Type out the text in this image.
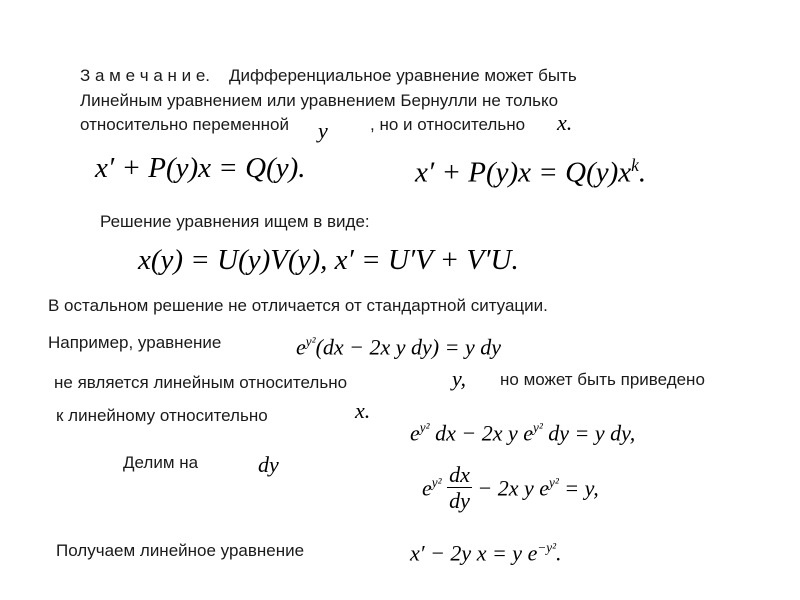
З а м е ч а н и е. Дифференциальное уравнение может быть
Линейным уравнением или уравнением Бернулли не только
относительно переменной y , но и относительно x.
x′ + P(y)x = Q(y).	$x' + P(y)x = Q(y)x^k$.
Решение уравнения ищем в виде:
x(y) = U(y)V(y), x′ = U′V + V′U.
В остальном решение не отличается от стандартной ситуации.
Например, уравнение	$e^{y^2}(dx - 2x$ y dy) = y dy
не является линейным относительно	y, но может быть приведено
к линейному относительно	x.
$e^{y^2}$ dx − 2x y $e^{y^2}$ dy = y dy,
Делим на	dy
$e^{y^2} \frac{dx}{dy} - 2x$ y $e^{y^2} = y$,
Получаем линейное уравнение	x′ − 2y x = y $e^{-y^2}$.
